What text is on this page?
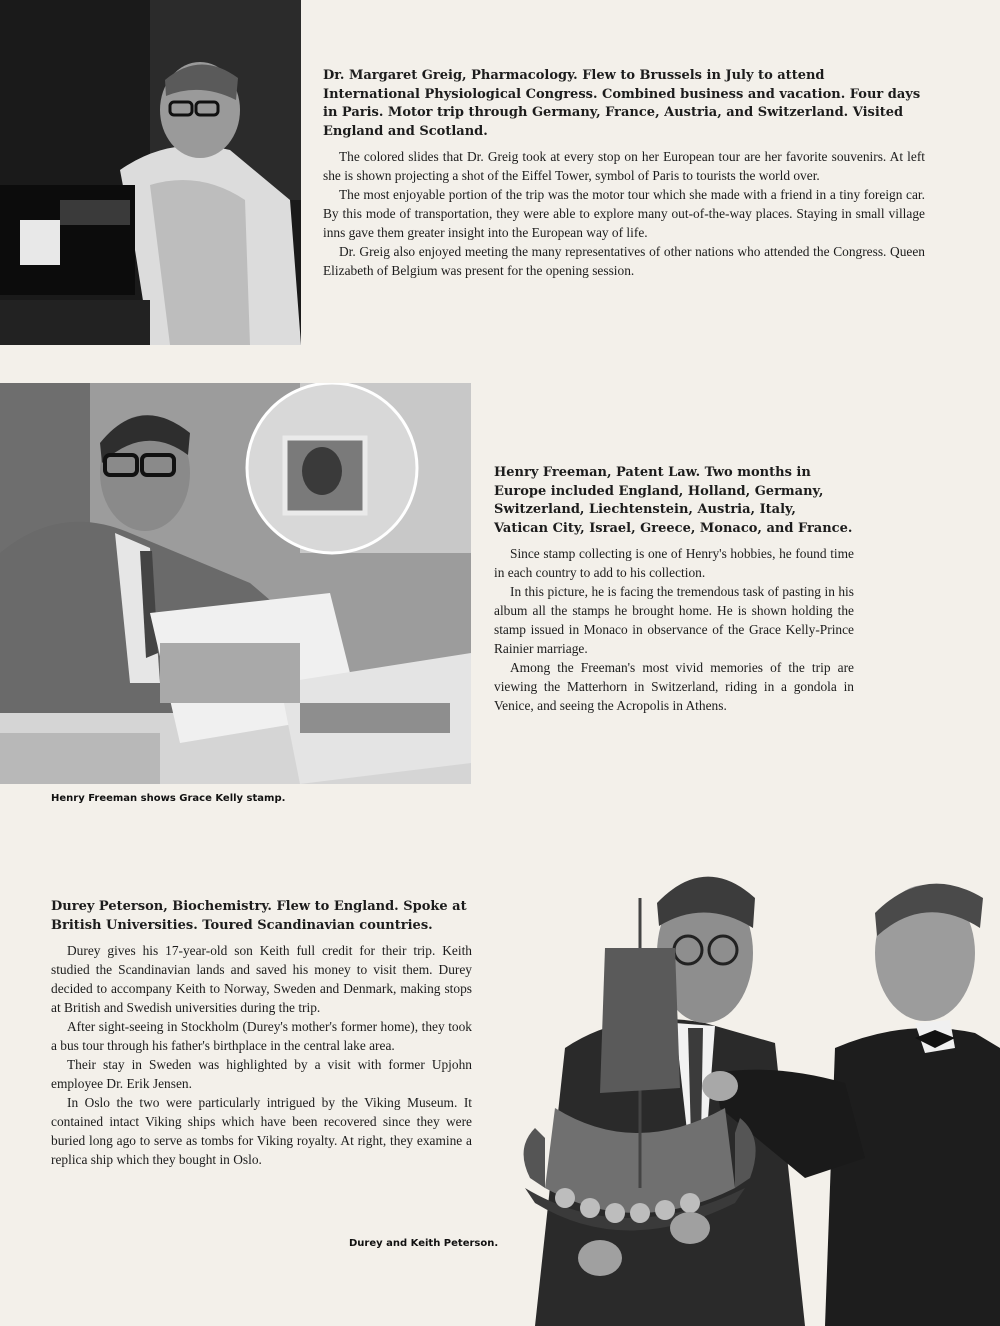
Dr. Margaret Greig, Pharmacology. Flew to Brussels in July to attend International Physiological Congress. Combined business and vacation. Four days in Paris. Motor trip through Germany, France, Austria, and Switzerland. Visited England and Scotland.

The colored slides that Dr. Greig took at every stop on her European tour are her favorite souvenirs. At left she is shown projecting a shot of the Eiffel Tower, symbol of Paris to tourists the world over.

The most enjoyable portion of the trip was the motor tour which she made with a friend in a tiny foreign car. By this mode of transportation, they were able to explore many out-of-the-way places. Staying in small village inns gave them greater insight into the European way of life.

Dr. Greig also enjoyed meeting the many representatives of other nations who attended the Congress. Queen Elizabeth of Belgium was present for the opening session.

Henry Freeman shows Grace Kelly stamp.
Henry Freeman, Patent Law. Two months in Europe included England, Holland, Germany, Switzerland, Liechtenstein, Austria, Italy, Vatican City, Israel, Greece, Monaco, and France.

Since stamp collecting is one of Henry's hobbies, he found time in each country to add to his collection.

In this picture, he is facing the tremendous task of pasting in his album all the stamps he brought home. He is shown holding the stamp issued in Monaco in observance of the Grace Kelly-Prince Rainier marriage.

Among the Freeman's most vivid memories of the trip are viewing the Matterhorn in Switzerland, riding in a gondola in Venice, and seeing the Acropolis in Athens.

Durey Peterson, Biochemistry. Flew to England. Spoke at British Universities. Toured Scandinavian countries.

Durey gives his 17-year-old son Keith full credit for their trip. Keith studied the Scandinavian lands and saved his money to visit them. Durey decided to accompany Keith to Norway, Sweden and Denmark, making stops at British and Swedish universities during the trip.

After sight-seeing in Stockholm (Durey's mother's former home), they took a bus tour through his father's birthplace in the central lake area.

Their stay in Sweden was highlighted by a visit with former Upjohn employee Dr. Erik Jensen.

In Oslo the two were particularly intrigued by the Viking Museum. It contained intact Viking ships which have been recovered since they were buried long ago to serve as tombs for Viking royalty. At right, they examine a replica ship which they bought in Oslo.

Durey and Keith Peterson.
